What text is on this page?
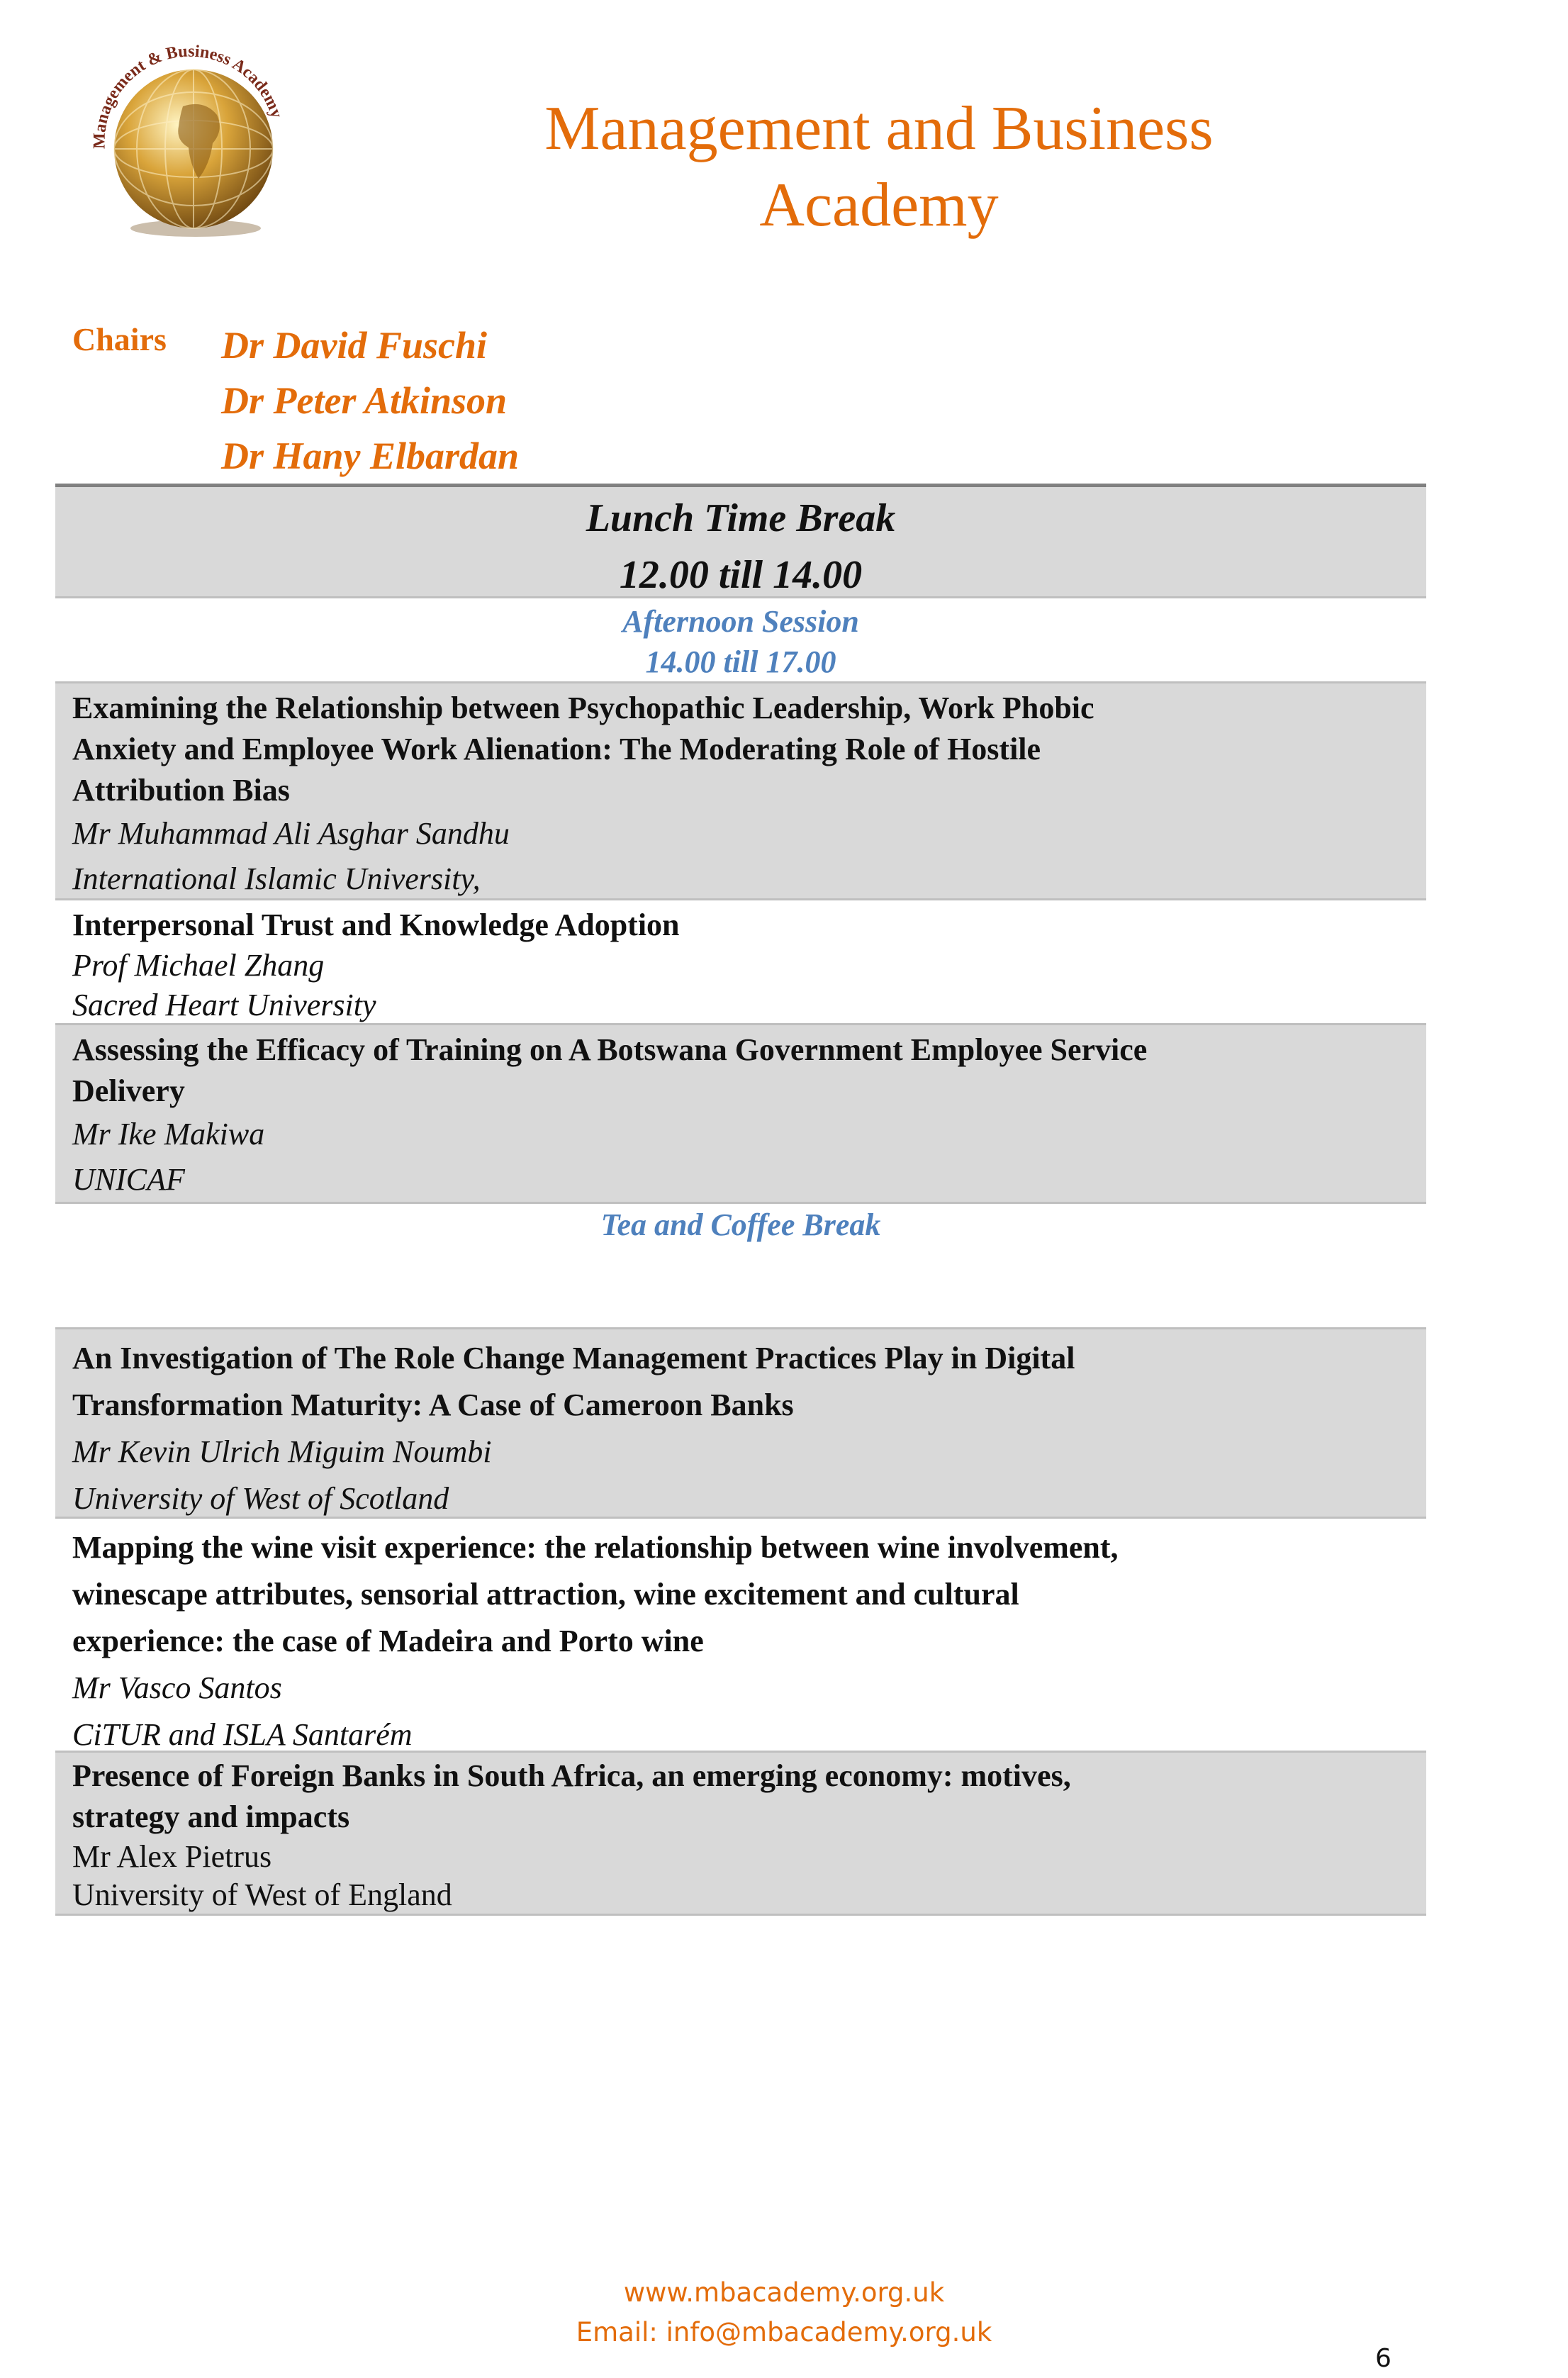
Management & Business Academy	Management and Business
Academy
Chairs Dr David Fuschi
Dr Peter Atkinson
Dr Hany Elbardan
Lunch Time Break
12.00 till 14.00
Afternoon Session
14.00 till 17.00
Examining the Relationship between Psychopathic Leadership, Work Phobic
Anxiety and Employee Work Alienation: The Moderating Role of Hostile
Attribution Bias
Mr Muhammad Ali Asghar Sandhu
International Islamic University,
Interpersonal Trust and Knowledge Adoption
Prof Michael Zhang
Sacred Heart University
Assessing the Efficacy of Training on A Botswana Government Employee Service
Delivery
Mr Ike Makiwa
UNICAF
Tea and Coffee Break
An Investigation of The Role Change Management Practices Play in Digital
Transformation Maturity: A Case of Cameroon Banks
Mr Kevin Ulrich Miguim Noumbi
University of West of Scotland
Mapping the wine visit experience: the relationship between wine involvement,
winescape attributes, sensorial attraction, wine excitement and cultural
experience: the case of Madeira and Porto wine
Mr Vasco Santos
CiTUR and ISLA Santarém
Presence of Foreign Banks in South Africa, an emerging economy: motives,
strategy and impacts
Mr Alex Pietrus
University of West of England
www.mbacademy.org.uk
Email: info@mbacademy.org.uk
6
